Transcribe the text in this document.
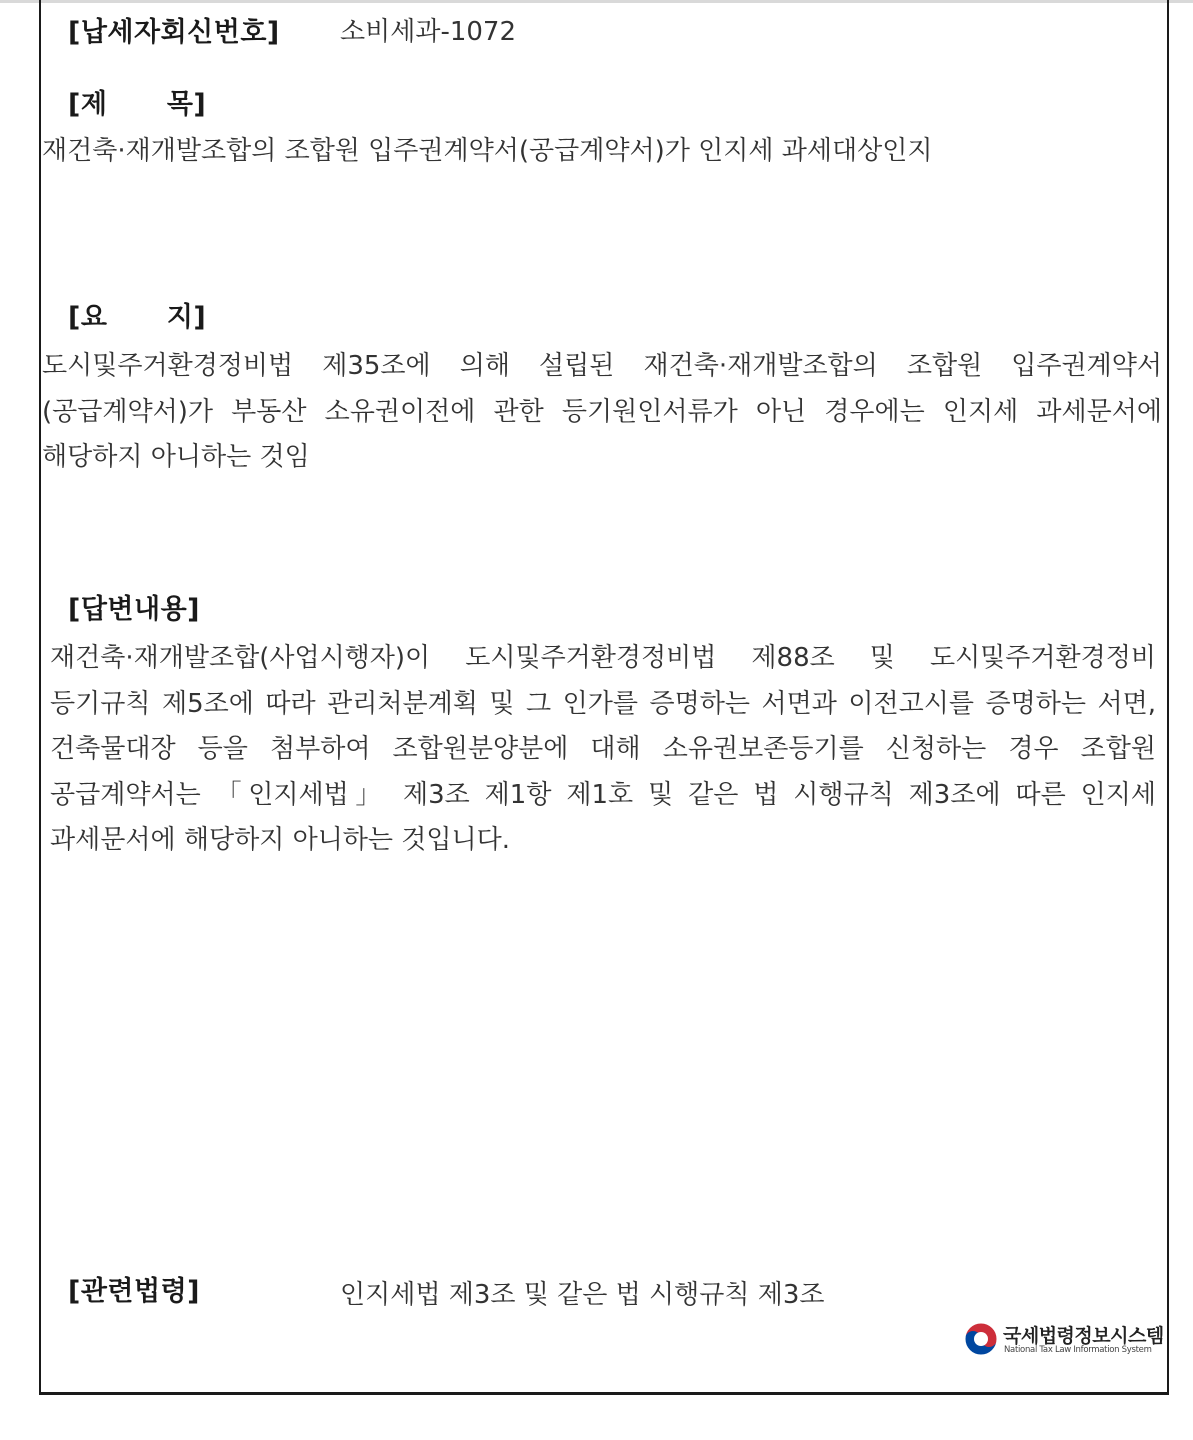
[납세자회신번호] 소비세과-1072
[제      목]

재건축·재개발조합의 조합원 입주권계약서(공급계약서)가 인지세 과세대상인지

[요      지]

도시및주거환경정비법 제35조에 의해 설립된 재건축·재개발조합의 조합원 입주권계약서(공급계약서)가 부동산 소유권이전에 관한 등기원인서류가 아닌 경우에는 인지세 과세문서에 해당하지 아니하는 것임

[답변내용]

재건축·재개발조합(사업시행자)이 도시및주거환경정비법 제88조 및 도시및주거환경정비 등기규칙 제5조에 따라 관리처분계획 및 그 인가를 증명하는 서면과 이전고시를 증명하는 서면, 건축물대장 등을 첨부하여 조합원분양분에 대해 소유권보존등기를 신청하는 경우 조합원 공급계약서는 「인지세법」 제3조 제1항 제1호 및 같은 법 시행규칙 제3조에 따른 인지세 과세문서에 해당하지 아니하는 것입니다.

[관련법령]	인지세법 제3조 및 같은 법 시행규칙 제3조
국세법령정보시스템
National Tax Law Information System
